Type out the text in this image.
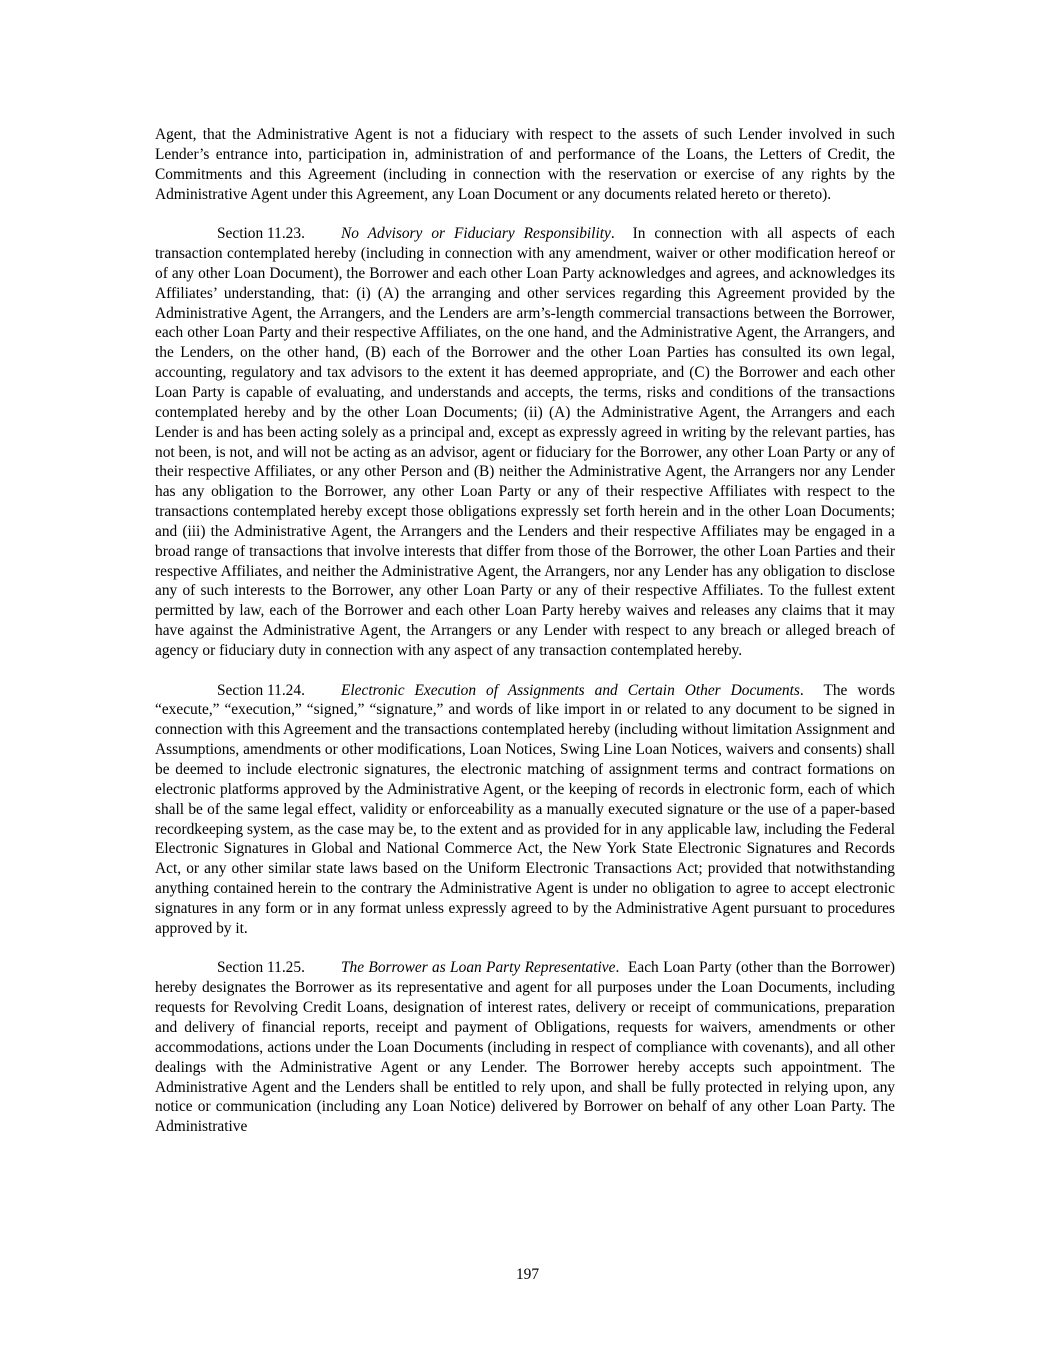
Agent, that the Administrative Agent is not a fiduciary with respect to the assets of such Lender involved in such Lender’s entrance into, participation in, administration of and performance of the Loans, the Letters of Credit, the Commitments and this Agreement (including in connection with the reservation or exercise of any rights by the Administrative Agent under this Agreement, any Loan Document or any documents related hereto or thereto).

Section 11.23. No Advisory or Fiduciary Responsibility.  In connection with all aspects of each transaction contemplated hereby (including in connection with any amendment, waiver or other modification hereof or of any other Loan Document), the Borrower and each other Loan Party acknowledges and agrees, and acknowledges its Affiliates’ understanding, that: (i) (A) the arranging and other services regarding this Agreement provided by the Administrative Agent, the Arrangers, and the Lenders are arm’s-length commercial transactions between the Borrower, each other Loan Party and their respective Affiliates, on the one hand, and the Administrative Agent, the Arrangers, and the Lenders, on the other hand, (B) each of the Borrower and the other Loan Parties has consulted its own legal, accounting, regulatory and tax advisors to the extent it has deemed appropriate, and (C) the Borrower and each other Loan Party is capable of evaluating, and understands and accepts, the terms, risks and conditions of the transactions contemplated hereby and by the other Loan Documents; (ii) (A) the Administrative Agent, the Arrangers and each Lender is and has been acting solely as a principal and, except as expressly agreed in writing by the relevant parties, has not been, is not, and will not be acting as an advisor, agent or fiduciary for the Borrower, any other Loan Party or any of their respective Affiliates, or any other Person and (B) neither the Administrative Agent, the Arrangers nor any Lender has any obligation to the Borrower, any other Loan Party or any of their respective Affiliates with respect to the transactions contemplated hereby except those obligations expressly set forth herein and in the other Loan Documents; and (iii) the Administrative Agent, the Arrangers and the Lenders and their respective Affiliates may be engaged in a broad range of transactions that involve interests that differ from those of the Borrower, the other Loan Parties and their respective Affiliates, and neither the Administrative Agent, the Arrangers, nor any Lender has any obligation to disclose any of such interests to the Borrower, any other Loan Party or any of their respective Affiliates. To the fullest extent permitted by law, each of the Borrower and each other Loan Party hereby waives and releases any claims that it may have against the Administrative Agent, the Arrangers or any Lender with respect to any breach or alleged breach of agency or fiduciary duty in connection with any aspect of any transaction contemplated hereby.

Section 11.24. Electronic Execution of Assignments and Certain Other Documents.  The words “execute,” “execution,” “signed,” “signature,” and words of like import in or related to any document to be signed in connection with this Agreement and the transactions contemplated hereby (including without limitation Assignment and Assumptions, amendments or other modifications, Loan Notices, Swing Line Loan Notices, waivers and consents) shall be deemed to include electronic signatures, the electronic matching of assignment terms and contract formations on electronic platforms approved by the Administrative Agent, or the keeping of records in electronic form, each of which shall be of the same legal effect, validity or enforceability as a manually executed signature or the use of a paper-based recordkeeping system, as the case may be, to the extent and as provided for in any applicable law, including the Federal Electronic Signatures in Global and National Commerce Act, the New York State Electronic Signatures and Records Act, or any other similar state laws based on the Uniform Electronic Transactions Act; provided that notwithstanding anything contained herein to the contrary the Administrative Agent is under no obligation to agree to accept electronic signatures in any form or in any format unless expressly agreed to by the Administrative Agent pursuant to procedures approved by it.

Section 11.25. The Borrower as Loan Party Representative.  Each Loan Party (other than the Borrower) hereby designates the Borrower as its representative and agent for all purposes under the Loan Documents, including requests for Revolving Credit Loans, designation of interest rates, delivery or receipt of communications, preparation and delivery of financial reports, receipt and payment of Obligations, requests for waivers, amendments or other accommodations, actions under the Loan Documents (including in respect of compliance with covenants), and all other dealings with the Administrative Agent or any Lender. The Borrower hereby accepts such appointment. The Administrative Agent and the Lenders shall be entitled to rely upon, and shall be fully protected in relying upon, any notice or communication (including any Loan Notice) delivered by Borrower on behalf of any other Loan Party. The Administrative

197
